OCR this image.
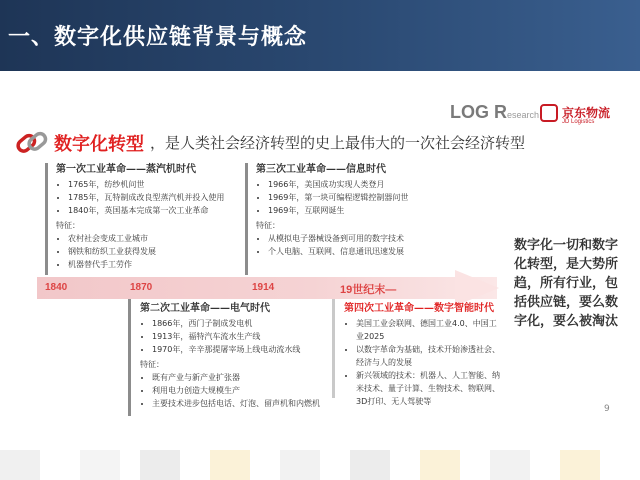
一、数字化供应链背景与概念
LOG Research 京东物流
JD Logistics
数字化转型 ，是人类社会经济转型的史上最伟大的一次社会经济转型
第一次工业革命——蒸汽机时代
• 1765年，纺纱机问世
• 1785年，瓦特制成改良型蒸汽机并投入使用
• 1840年，英国基本完成第一次工业革命
特征：
• 农村社会变成工业城市
• 钢铁和纺织工业获得发展
• 机器替代手工劳作
第三次工业革命——信息时代
• 1966年，美国成功实现人类登月
• 1969年，第一块可编程逻辑控制器问世
• 1969年，互联网诞生
特征：
• 从模拟电子器械设备到可用的数字技术
• 个人电脑、互联网、信息通讯迅速发展
1840	1870	1914	19世纪末—
第二次工业革命——电气时代
• 1866年，西门子制成发电机
• 1913年，福特汽车流水生产线
• 1970年，辛辛那提屠宰场上线电动流水线
特征：
• 既有产业与新产业扩张器
• 利用电力创造大规模生产
• 主要技术进步包括电话、灯泡、留声机和内燃机
第四次工业革命——数字智能时代
• 美国工业会联网、德国工业4.0、中国工业2025
• 以数字革命为基础，技术开始渗透社会、经济与人的发展
• 新兴领域的技术：机器人、人工智能、纳米技术、量子计算、生物技术、物联网、3D打印、无人驾驶等
数字化一切和数字化转型，是大势所趋，所有行业，包括供应链，要么数字化，要么被淘汰
9
